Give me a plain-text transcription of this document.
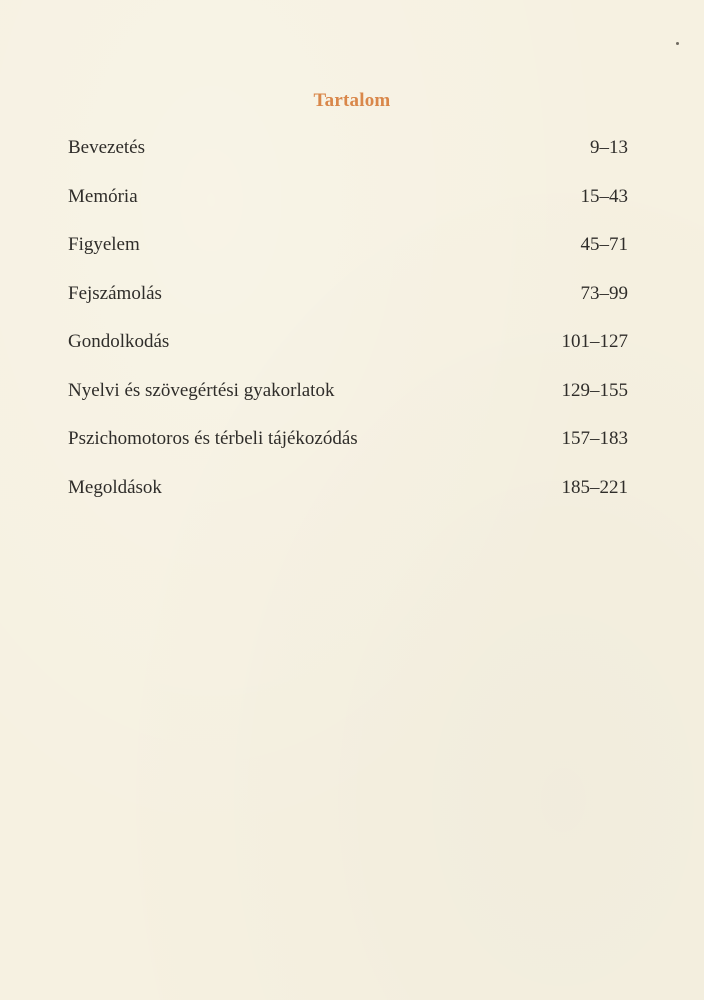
Tartalom
Bevezetés	9–13
Memória	15–43
Figyelem	45–71
Fejszámolás	73–99
Gondolkodás	101–127
Nyelvi és szövegértési gyakorlatok	129–155
Pszichomotoros és térbeli tájékozódás	157–183
Megoldások	185–221
